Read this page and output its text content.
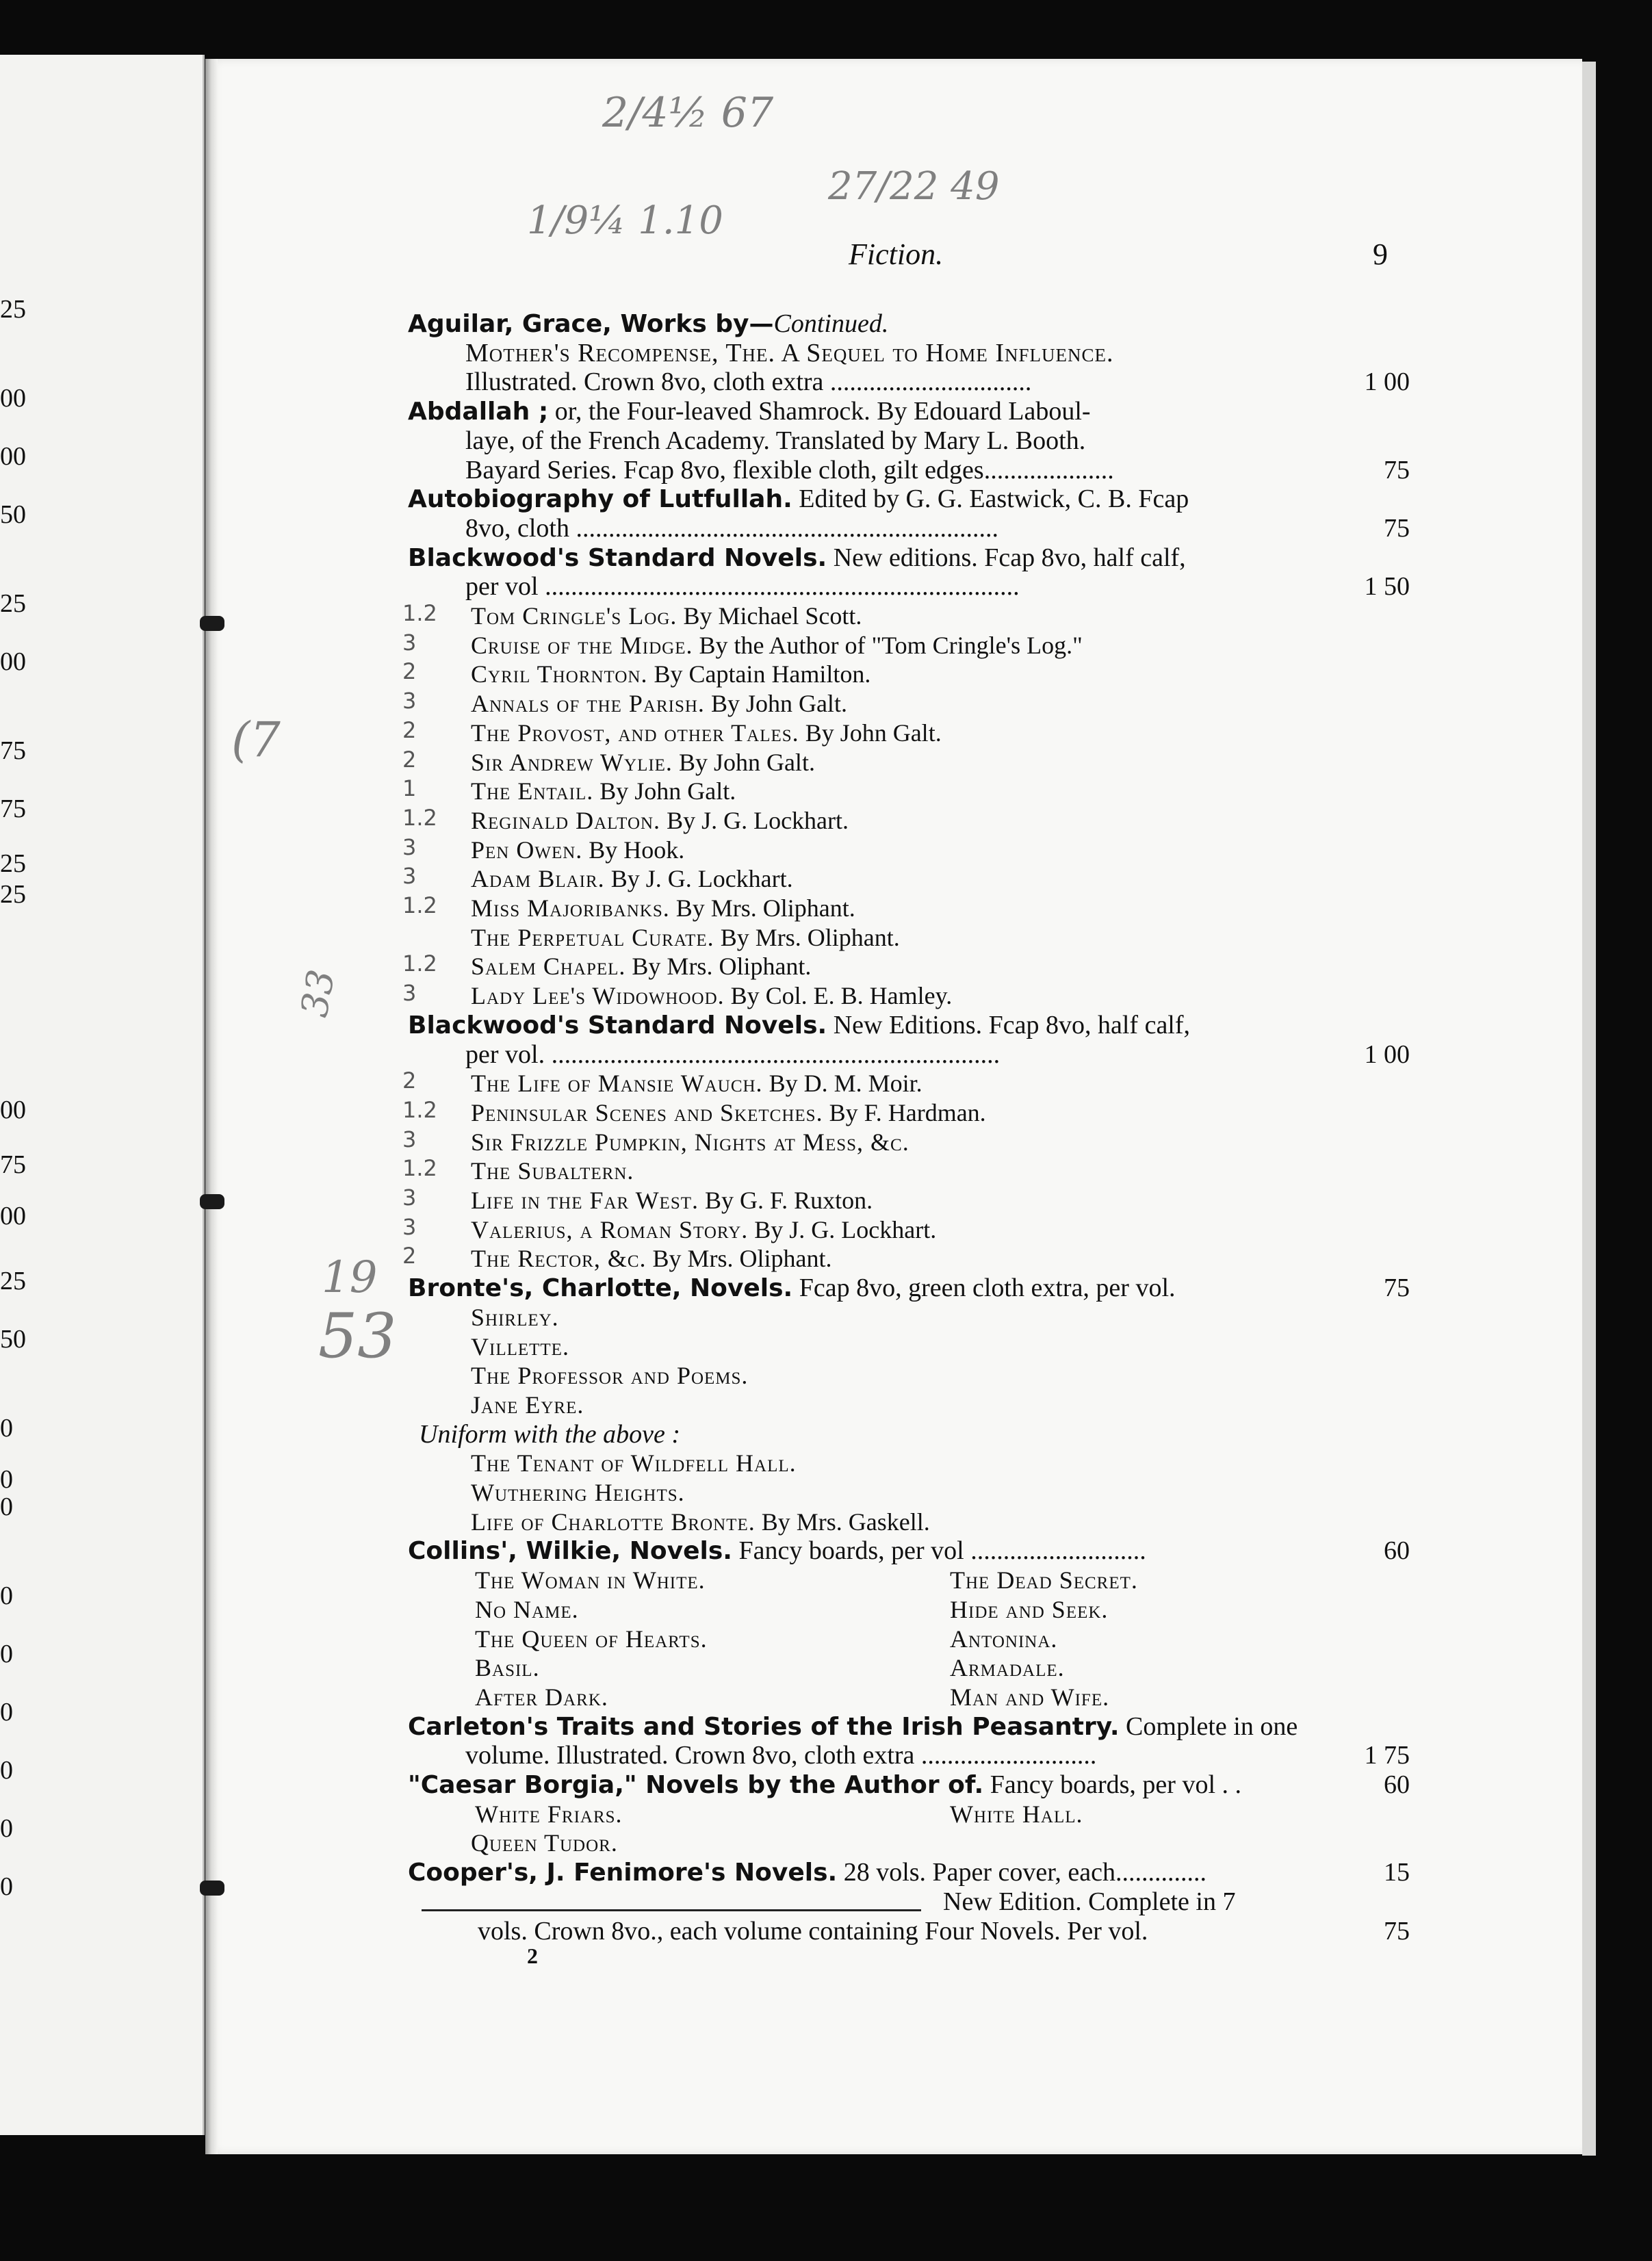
25
00
00
50
25
00
75
75
25
25
00
75
00
25
50
0
0
0
0
0
0
0
0
0
2/4½ 67
27/22 49
1/9¼ 1.10
(7
33
19
53
Fiction.	9
Aguilar, Grace, Works by—Continued.
Mother's Recompense, The. A Sequel to Home Influence.
Illustrated. Crown 8vo, cloth extra ...............................	1 00
Abdallah ; or, the Four-leaved Shamrock. By Edouard Laboul-
laye, of the French Academy. Translated by Mary L. Booth.
Bayard Series. Fcap 8vo, flexible cloth, gilt edges....................	75
Autobiography of Lutfullah. Edited by G. G. Eastwick, C. B. Fcap
8vo, cloth .................................................................	75
Blackwood's Standard Novels. New editions. Fcap 8vo, half calf,
per vol .........................................................................	1 50
1.2 Tom Cringle's Log. By Michael Scott.
3 Cruise of the Midge. By the Author of "Tom Cringle's Log."
2 Cyril Thornton. By Captain Hamilton.
3 Annals of the Parish. By John Galt.
2 The Provost, and other Tales. By John Galt.
2 Sir Andrew Wylie. By John Galt.
1 The Entail. By John Galt.
1.2 Reginald Dalton. By J. G. Lockhart.
3 Pen Owen. By Hook.
3 Adam Blair. By J. G. Lockhart.
1.2 Miss Majoribanks. By Mrs. Oliphant.
The Perpetual Curate. By Mrs. Oliphant.
1.2 Salem Chapel. By Mrs. Oliphant.
3 Lady Lee's Widowhood. By Col. E. B. Hamley.
Blackwood's Standard Novels. New Editions. Fcap 8vo, half calf,
per vol. .....................................................................	1 00
2 The Life of Mansie Wauch. By D. M. Moir.
1.2 Peninsular Scenes and Sketches. By F. Hardman.
3 Sir Frizzle Pumpkin, Nights at Mess, &c.
1.2 The Subaltern.
3 Life in the Far West. By G. F. Ruxton.
3 Valerius, a Roman Story. By J. G. Lockhart.
2 The Rector, &c. By Mrs. Oliphant.
Bronte's, Charlotte, Novels. Fcap 8vo, green cloth extra, per vol.	75
Shirley.
Villette.
The Professor and Poems.
Jane Eyre.
Uniform with the above :
The Tenant of Wildfell Hall.
Wuthering Heights.
Life of Charlotte Bronte. By Mrs. Gaskell.
Collins', Wilkie, Novels. Fancy boards, per vol ...........................	60
The Woman in White.	The Dead Secret.
No Name.	Hide and Seek.
The Queen of Hearts.	Antonina.
Basil.	Armadale.
After Dark.	Man and Wife.
Carleton's Traits and Stories of the Irish Peasantry. Complete in one
volume. Illustrated. Crown 8vo, cloth extra ...........................	1 75
"Caesar Borgia," Novels by the Author of. Fancy boards, per vol . .	60
White Friars.	White Hall.
Queen Tudor.
Cooper's, J. Fenimore's Novels. 28 vols. Paper cover, each..............	15
New Edition. Complete in 7
vols. Crown 8vo., each volume containing Four Novels. Per vol.	75
2
